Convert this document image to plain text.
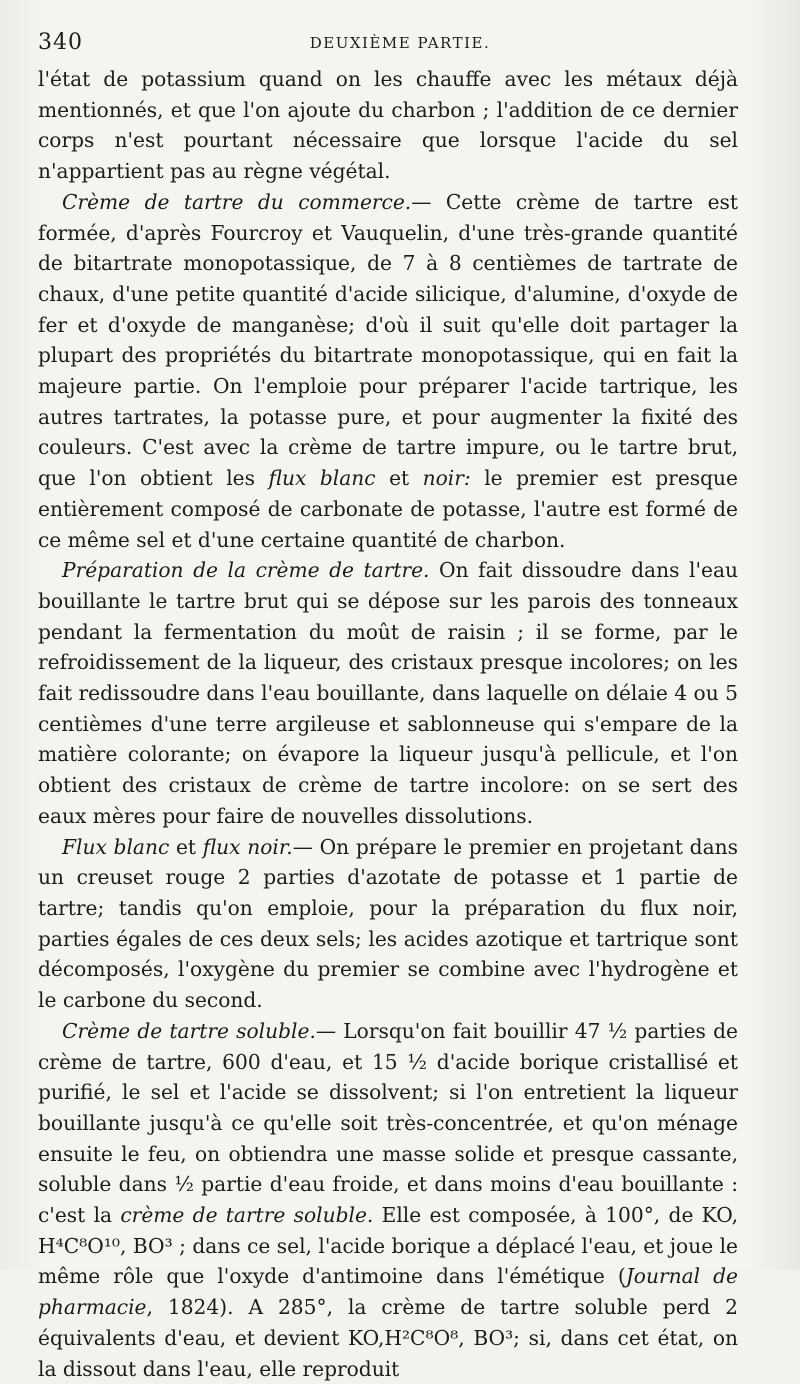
340	DEUXIÈME PARTIE.

l'état de potassium quand on les chauffe avec les métaux déjà mentionnés, et que l'on ajoute du charbon ; l'addition de ce dernier corps n'est pourtant nécessaire que lorsque l'acide du sel n'appartient pas au règne végétal.

Crème de tartre du commerce.— Cette crème de tartre est formée, d'après Fourcroy et Vauquelin, d'une très-grande quantité de bitartrate monopotassique, de 7 à 8 centièmes de tartrate de chaux, d'une petite quantité d'acide silicique, d'alumine, d'oxyde de fer et d'oxyde de manganèse; d'où il suit qu'elle doit partager la plupart des propriétés du bitartrate monopotassique, qui en fait la majeure partie. On l'emploie pour préparer l'acide tartrique, les autres tartrates, la potasse pure, et pour augmenter la fixité des couleurs. C'est avec la crème de tartre impure, ou le tartre brut, que l'on obtient les flux blanc et noir: le premier est presque entièrement composé de carbonate de potasse, l'autre est formé de ce même sel et d'une certaine quantité de charbon.

Préparation de la crème de tartre. On fait dissoudre dans l'eau bouillante le tartre brut qui se dépose sur les parois des tonneaux pendant la fermentation du moût de raisin ; il se forme, par le refroidissement de la liqueur, des cristaux presque incolores; on les fait redissoudre dans l'eau bouillante, dans laquelle on délaie 4 ou 5 centièmes d'une terre argileuse et sablonneuse qui s'empare de la matière colorante; on évapore la liqueur jusqu'à pellicule, et l'on obtient des cristaux de crème de tartre incolore: on se sert des eaux mères pour faire de nouvelles dissolutions.

Flux blanc et flux noir.— On prépare le premier en projetant dans un creuset rouge 2 parties d'azotate de potasse et 1 partie de tartre; tandis qu'on emploie, pour la préparation du flux noir, parties égales de ces deux sels; les acides azotique et tartrique sont décomposés, l'oxygène du premier se combine avec l'hydrogène et le carbone du second.

Crème de tartre soluble.— Lorsqu'on fait bouillir 47 ½ parties de crème de tartre, 600 d'eau, et 15 ½ d'acide borique cristallisé et purifié, le sel et l'acide se dissolvent; si l'on entretient la liqueur bouillante jusqu'à ce qu'elle soit très-concentrée, et qu'on ménage ensuite le feu, on obtiendra une masse solide et presque cassante, soluble dans ½ partie d'eau froide, et dans moins d'eau bouillante : c'est la crème de tartre soluble. Elle est composée, à 100°, de KO, H⁴C⁸O¹⁰, BO³ ; dans ce sel, l'acide borique a déplacé l'eau, et joue le même rôle que l'oxyde d'antimoine dans l'émétique (Journal de pharmacie, 1824). A 285°, la crème de tartre soluble perd 2 équivalents d'eau, et devient KO,H²C⁸O⁸, BO³; si, dans cet état, on la dissout dans l'eau, elle reproduit
